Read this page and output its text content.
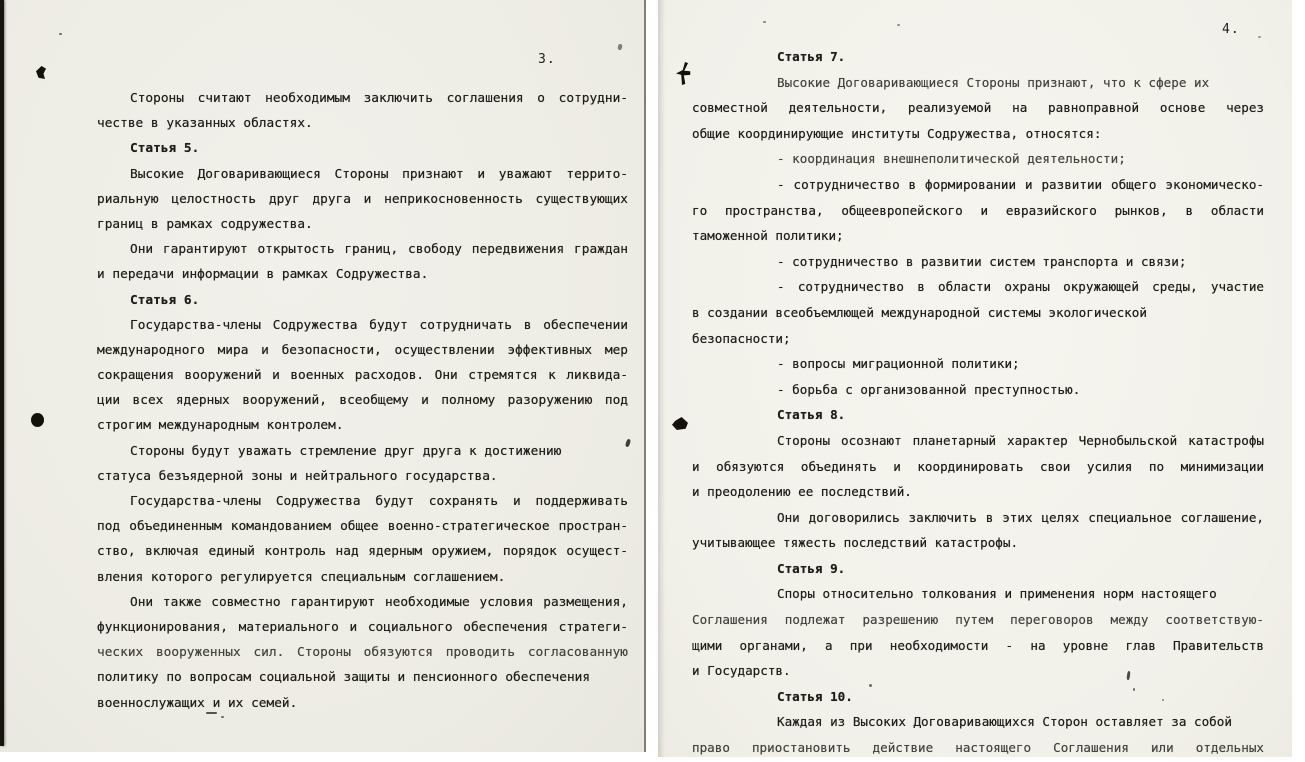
3.
Стороны считают необходимым заключить соглашения о сотрудни-
честве в указанных областях.
Статья 5.
Высокие Договаривающиеся Стороны признают и уважают террито-
риальную целостность друг друга и неприкосновенность существующих
границ в рамках содружества.
Они гарантируют открытость границ, свободу передвижения граждан
и передачи информации в рамках Содружества.
Статья 6.
Государства-члены Содружества будут сотрудничать в обеспечении
международного мира и безопасности, осуществлении эффективных мер
сокращения вооружений и военных расходов. Они стремятся к ликвида-
ции всех ядерных вооружений, всеобщему и полному разоружению под
строгим международным контролем.
Стороны будут уважать стремление друг друга к достижению
статуса безъядерной зоны и нейтрального государства.
Государства-члены Содружества будут сохранять и поддерживать
под объединенным командованием общее военно-стратегическое простран-
ство, включая единый контроль над ядерным оружием, порядок осущест-
вления которого регулируется специальным соглашением.
Они также совместно гарантируют необходимые условия размещения,
функционирования, материального и социального обеспечения стратеги-
ческих вооруженных сил. Стороны обязуются проводить согласованную
политику по вопросам социальной защиты и пенсионного обеспечения
военнослужащих и их семей.
4.
Статья 7.
Высокие Договаривающиеся Стороны признают, что к сфере их
совместной деятельности, реализуемой на равноправной основе через
общие координирующие институты Содружества, относятся:
- координация внешнеполитической деятельности;
- сотрудничество в формировании и развитии общего экономическо-
го пространства, общеевропейского и евразийского рынков, в области
таможенной политики;
- сотрудничество в развитии систем транспорта и связи;
- сотрудничество в области охраны окружающей среды, участие
в создании всеобъемлющей международной системы экологической
безопасности;
- вопросы миграционной политики;
- борьба с организованной преступностью.
Статья 8.
Стороны осознают планетарный характер Чернобыльской катастрофы
и обязуются объединять и координировать свои усилия по минимизации
и преодолению ее последствий.
Они договорились заключить в этих целях специальное соглашение,
учитывающее тяжесть последствий катастрофы.
Статья 9.
Споры относительно толкования и применения норм настоящего
Соглашения подлежат разрешению путем переговоров между соответствую-
щими органами, а при необходимости - на уровне глав Правительств
и Государств.
Статья 10.
Каждая из Высоких Договаривающихся Сторон оставляет за собой
право приостановить действие настоящего Соглашения или отдельных
